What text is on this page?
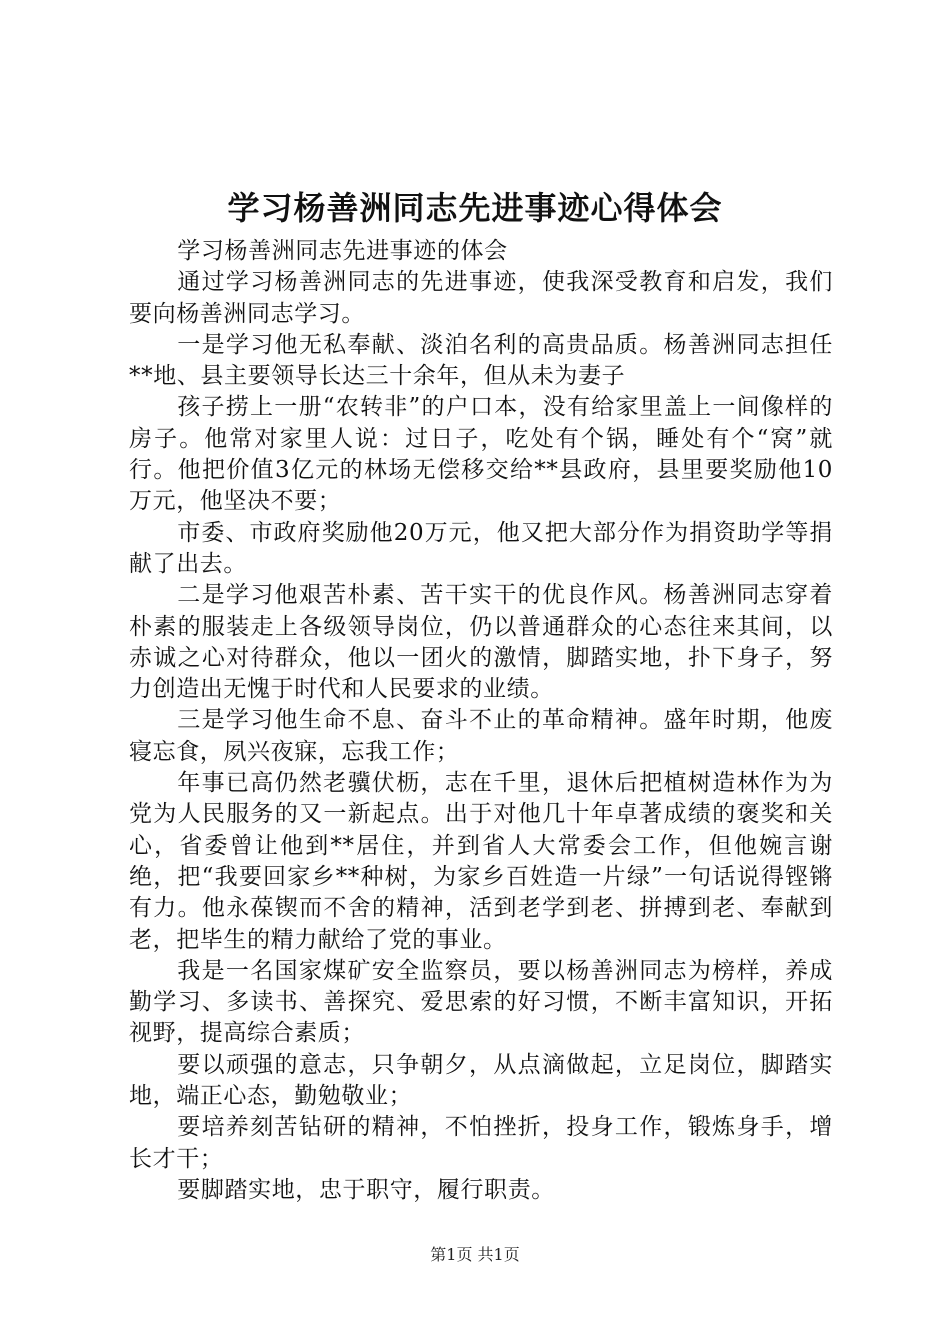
学习杨善洲同志先进事迹心得体会

学习杨善洲同志先进事迹的体会

通过学习杨善洲同志的先进事迹，使我深受教育和启发，我们要向杨善洲同志学习。

一是学习他无私奉献、淡泊名利的高贵品质。杨善洲同志担任**地、县主要领导长达三十余年，但从未为妻子

孩子捞上一册“农转非”的户口本，没有给家里盖上一间像样的房子。他常对家里人说：过日子，吃处有个锅，睡处有个“窝”就行。他把价值3亿元的林场无偿移交给**县政府，县里要奖励他10万元，他坚决不要；

市委、市政府奖励他20万元，他又把大部分作为捐资助学等捐献了出去。

二是学习他艰苦朴素、苦干实干的优良作风。杨善洲同志穿着朴素的服装走上各级领导岗位，仍以普通群众的心态往来其间，以赤诚之心对待群众，他以一团火的激情，脚踏实地，扑下身子，努力创造出无愧于时代和人民要求的业绩。

三是学习他生命不息、奋斗不止的革命精神。盛年时期，他废寝忘食，夙兴夜寐，忘我工作；

年事已高仍然老骥伏枥，志在千里，退休后把植树造林作为为党为人民服务的又一新起点。出于对他几十年卓著成绩的褒奖和关心，省委曾让他到**居住，并到省人大常委会工作，但他婉言谢绝，把“我要回家乡**种树，为家乡百姓造一片绿”一句话说得铿锵有力。他永葆锲而不舍的精神，活到老学到老、拼搏到老、奉献到老，把毕生的精力献给了党的事业。

我是一名国家煤矿安全监察员，要以杨善洲同志为榜样，养成勤学习、多读书、善探究、爱思索的好习惯，不断丰富知识，开拓视野，提高综合素质；

要以顽强的意志，只争朝夕，从点滴做起，立足岗位，脚踏实地，端正心态，勤勉敬业；

要培养刻苦钻研的精神，不怕挫折，投身工作，锻炼身手，增长才干；

要脚踏实地，忠于职守，履行职责。

第1页 共1页
